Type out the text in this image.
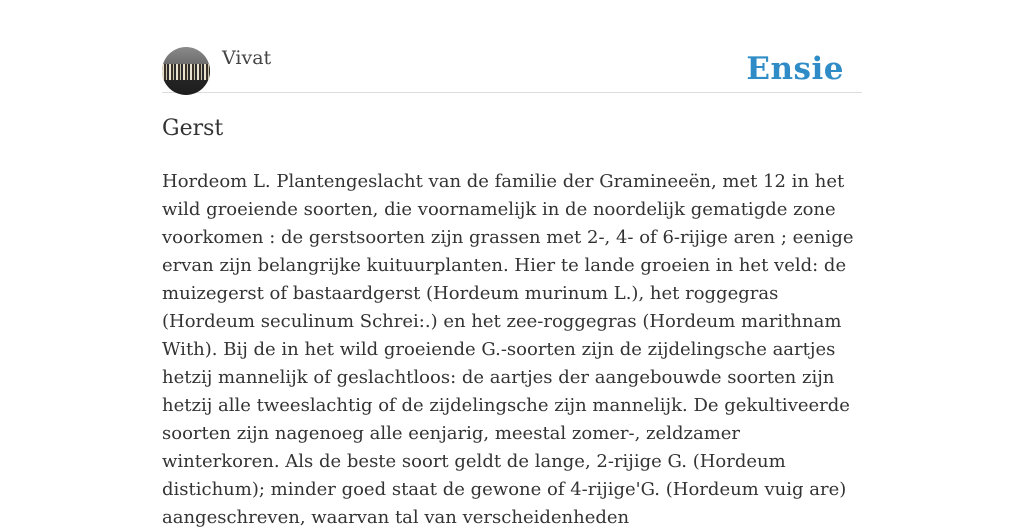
Vivat	Ensie
Gerst

Hordeom L. Plantengeslacht van de familie der Gramineeën, met 12 in het wild groeiende soorten, die voornamelijk in de noordelijk gematigde zone voorkomen : de gerstsoorten zijn grassen met 2-, 4- of 6-rijige aren ; eenige ervan zijn belangrijke kuituurplanten. Hier te lande groeien in het veld: de muizegerst of bastaardgerst (Hordeum murinum L.), het roggegras (Hordeum seculinum Schrei:.) en het zee-roggegras (Hordeum marithnam With). Bij de in het wild groeiende G.-soorten zijn de zijdelingsche aartjes hetzij mannelijk of geslachtloos: de aartjes der aangebouwde soorten zijn hetzij alle tweeslachtig of de zijdelingsche zijn mannelijk. De gekultiveerde soorten zijn nagenoeg alle eenjarig, meestal zomer-, zeldzamer winterkoren. Als de beste soort geldt de lange, 2-rijige G. (Hordeum distichum); minder goed staat de gewone of 4-rijige'G. (Hordeum vuig are) aangeschreven, waarvan tal van verscheidenheden
